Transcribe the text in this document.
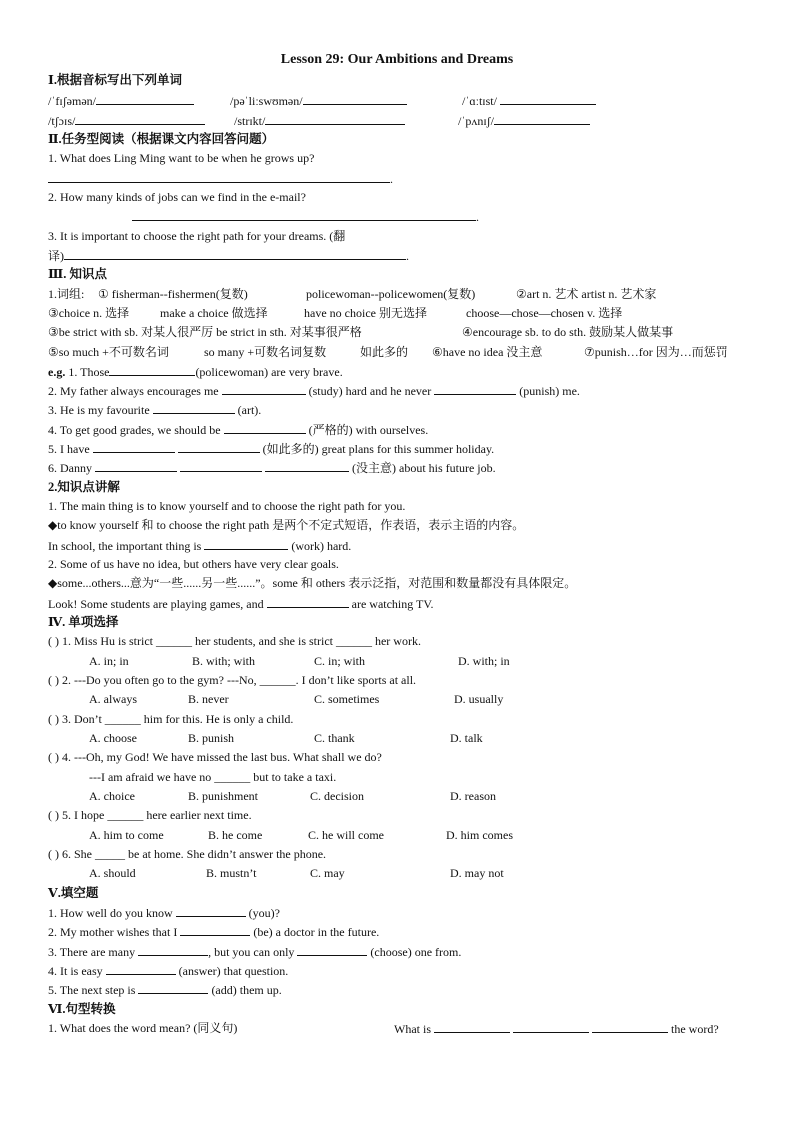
Lesson 29: Our Ambitions and Dreams
Ⅰ.根据音标写出下列单词
/ˈfɪʃəmən/	/pəˈliːswʊmən/	/ˈɑːtɪst/
/tʃɔɪs/	/strɪkt/	/ˈpʌnɪʃ/
Ⅱ.任务型阅读（根据课文内容回答问题）
1. What does Ling Ming want to be when he grows up?
.
2. How many kinds of jobs can we find in the e-mail?
.
3. It is important to choose the right path for your dreams. (翻
译)	.
Ⅲ. 知识点
1.词组: ① fisherman--fishermen(复数)	policewoman--policewomen(复数)	②art n. 艺术 artist n. 艺术家
③choice n. 选择	make a choice 做选择	have no choice 别无选择	choose—chose—chosen v. 选择
③be strict with sb. 对某人很严厉 be strict in sth. 对某事很严格	④encourage sb. to do sth. 鼓励某人做某事
⑤so much +不可数名词	so many +可数名词复数	如此多的 ⑥have no idea 没主意	⑦punish…for 因为…而惩罚
e.g. 1. Those	(policewoman) are very brave.
2. My father always encourages me	(study) hard and he never	(punish) me.
3. He is my favourite	(art).
4. To get good grades, we should be	(严格的) with ourselves.
5. I have	(如此多的) great plans for this summer holiday.
6. Danny	(没主意) about his future job.
2.知识点讲解
1. The main thing is to know yourself and to choose the right path for you.
◆to know yourself 和 to choose the right path 是两个不定式短语，作表语，表示主语的内容。
In school, the important thing is	(work) hard.
2. Some of us have no idea, but others have very clear goals.
◆some...others...意为“一些......另一些......”。some 和 others 表示泛指，对范围和数量都没有具体限定。
Look! Some students are playing games, and	are watching TV.
Ⅳ. 单项选择
( ) 1. Miss Hu is strict ______ her students, and she is strict ______ her work.
A. in; in	B. with; with	C. in; with	D. with; in
( ) 2. ---Do you often go to the gym? ---No, ______. I don’t like sports at all.
A. always	B. never	C. sometimes	D. usually
( ) 3. Don’t ______ him for this. He is only a child.
A. choose	B. punish	C. thank	D. talk
( ) 4. ---Oh, my God! We have missed the last bus. What shall we do?
---I am afraid we have no ______ but to take a taxi.
A. choice	B. punishment	C. decision	D. reason
( ) 5. I hope ______ here earlier next time.
A. him to come	B. he come	C. he will come	D. him comes
( ) 6. She _____ be at home. She didn’t answer the phone.
A. should	B. mustn’t	C. may	D. may not
Ⅴ.填空题
1. How well do you know	(you)?
2. My mother wishes that I	(be) a doctor in the future.
3. There are many	, but you can only	(choose) one from.
4. It is easy	(answer) that question.
5. The next step is	(add) them up.
Ⅵ.句型转换
1. What does the word mean? (同义句)	What is	the word?
